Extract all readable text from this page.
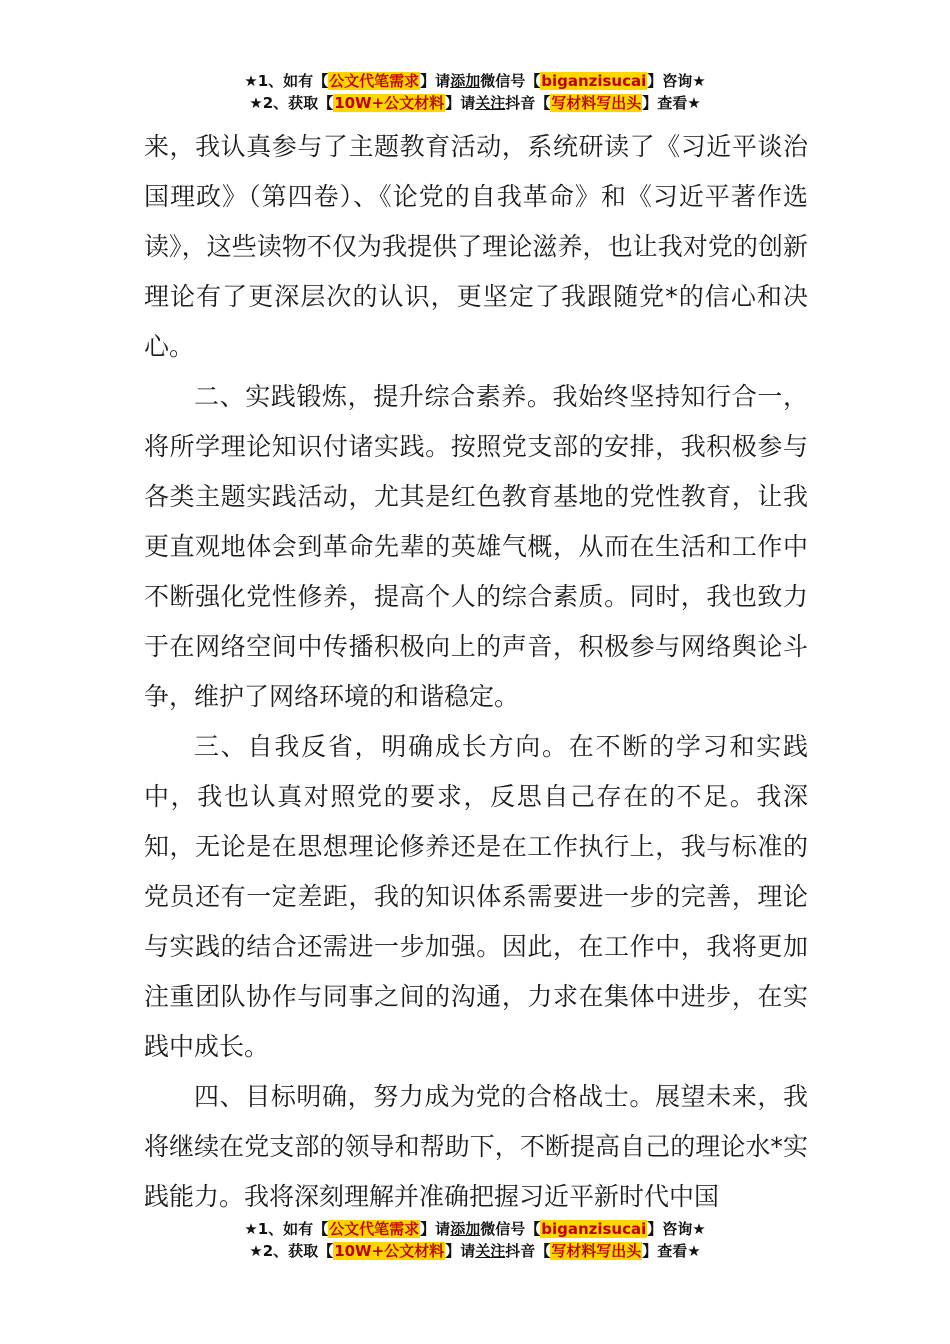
★1、如有【公文代笔需求】请添加微信号【biganzisucai】咨询★
★2、获取【10W+公文材料】请关注抖音【写材料写出头】查看★

来，我认真参与了主题教育活动，系统研读了《习近平谈治国理政》（第四卷）、《论党的自我革命》和《习近平著作选读》，这些读物不仅为我提供了理论滋养，也让我对党的创新理论有了更深层次的认识，更坚定了我跟随党*的信心和决心。

二、实践锻炼，提升综合素养。我始终坚持知行合一，将所学理论知识付诸实践。按照党支部的安排，我积极参与各类主题实践活动，尤其是红色教育基地的党性教育，让我更直观地体会到革命先辈的英雄气概，从而在生活和工作中不断强化党性修养，提高个人的综合素质。同时，我也致力于在网络空间中传播积极向上的声音，积极参与网络舆论斗争，维护了网络环境的和谐稳定。

三、自我反省，明确成长方向。在不断的学习和实践中，我也认真对照党的要求，反思自己存在的不足。我深知，无论是在思想理论修养还是在工作执行上，我与标准的党员还有一定差距，我的知识体系需要进一步的完善，理论与实践的结合还需进一步加强。因此，在工作中，我将更加注重团队协作与同事之间的沟通，力求在集体中进步，在实践中成长。

四、目标明确，努力成为党的合格战士。展望未来，我将继续在党支部的领导和帮助下，不断提高自己的理论水*实践能力。我将深刻理解并准确把握习近平新时代中国

★1、如有【公文代笔需求】请添加微信号【biganzisucai】咨询★
★2、获取【10W+公文材料】请关注抖音【写材料写出头】查看★
